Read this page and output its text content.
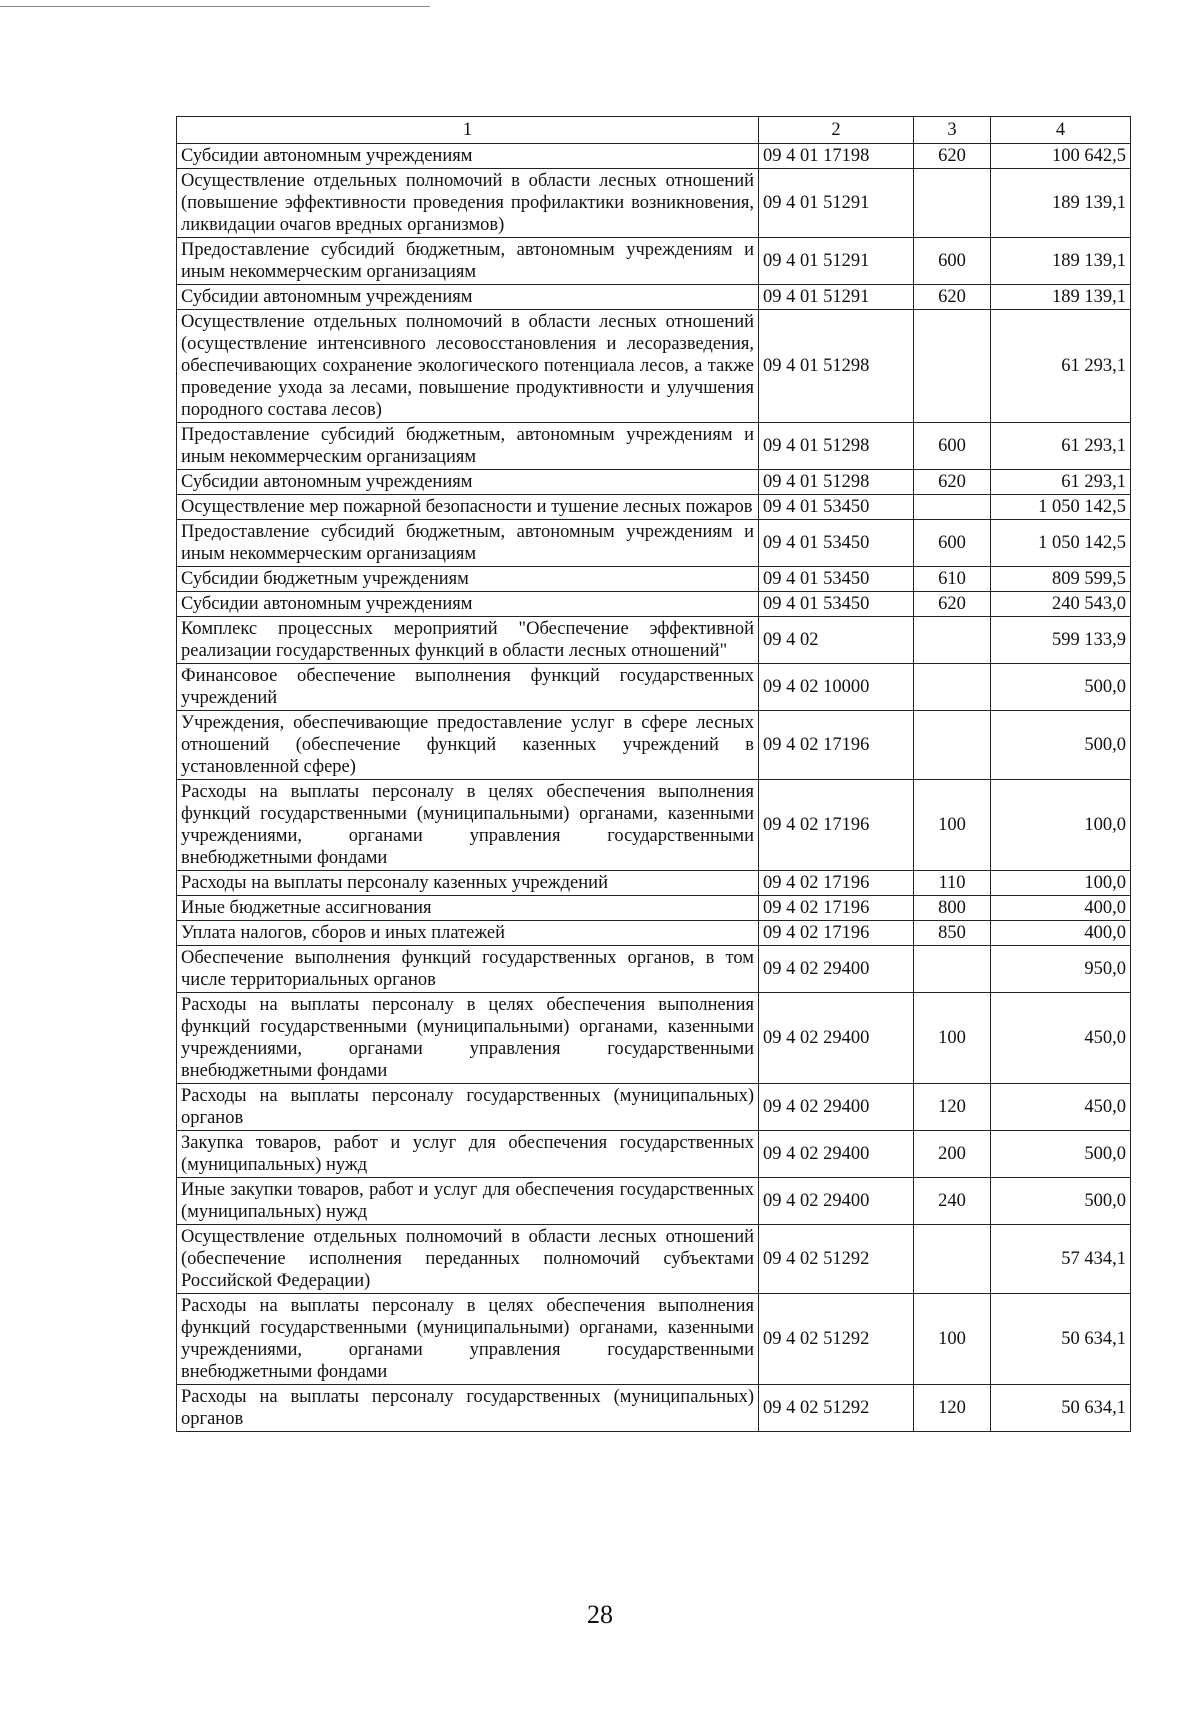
1	2	3	4
Субсидии автономным учреждениям	09 4 01 17198	620	100 642,5
Осуществление отдельных полномочий в области лесных отношений (повышение эффективности проведения профилактики возникновения, ликвидации очагов вредных организмов)	09 4 01 51291		189 139,1
Предоставление субсидий бюджетным, автономным учреждениям и иным некоммерческим организациям	09 4 01 51291	600	189 139,1
Субсидии автономным учреждениям	09 4 01 51291	620	189 139,1
Осуществление отдельных полномочий в области лесных отношений (осуществление интенсивного лесовосстановления и лесоразведения, обеспечивающих сохранение экологического потенциала лесов, а также проведение ухода за лесами, повышение продуктивности и улучшения породного состава лесов)	09 4 01 51298		61 293,1
Предоставление субсидий бюджетным, автономным учреждениям и иным некоммерческим организациям	09 4 01 51298	600	61 293,1
Субсидии автономным учреждениям	09 4 01 51298	620	61 293,1
Осуществление мер пожарной безопасности и тушение лесных пожаров	09 4 01 53450		1 050 142,5
Предоставление субсидий бюджетным, автономным учреждениям и иным некоммерческим организациям	09 4 01 53450	600	1 050 142,5
Субсидии бюджетным учреждениям	09 4 01 53450	610	809 599,5
Субсидии автономным учреждениям	09 4 01 53450	620	240 543,0
Комплекс процессных мероприятий "Обеспечение эффективной реализации государственных функций в области лесных отношений"	09 4 02		599 133,9
Финансовое обеспечение выполнения функций государственных учреждений	09 4 02 10000		500,0
Учреждения, обеспечивающие предоставление услуг в сфере лесных отношений (обеспечение функций казенных учреждений в установленной сфере)	09 4 02 17196		500,0
Расходы на выплаты персоналу в целях обеспечения выполнения функций государственными (муниципальными) органами, казенными учреждениями, органами управления государственными внебюджетными фондами	09 4 02 17196	100	100,0
Расходы на выплаты персоналу казенных учреждений	09 4 02 17196	110	100,0
Иные бюджетные ассигнования	09 4 02 17196	800	400,0
Уплата налогов, сборов и иных платежей	09 4 02 17196	850	400,0
Обеспечение выполнения функций государственных органов, в том числе территориальных органов	09 4 02 29400		950,0
Расходы на выплаты персоналу в целях обеспечения выполнения функций государственными (муниципальными) органами, казенными учреждениями, органами управления государственными внебюджетными фондами	09 4 02 29400	100	450,0
Расходы на выплаты персоналу государственных (муниципальных) органов	09 4 02 29400	120	450,0
Закупка товаров, работ и услуг для обеспечения государственных (муниципальных) нужд	09 4 02 29400	200	500,0
Иные закупки товаров, работ и услуг для обеспечения государственных (муниципальных) нужд	09 4 02 29400	240	500,0
Осуществление отдельных полномочий в области лесных отношений (обеспечение исполнения переданных полномочий субъектами Российской Федерации)	09 4 02 51292		57 434,1
Расходы на выплаты персоналу в целях обеспечения выполнения функций государственными (муниципальными) органами, казенными учреждениями, органами управления государственными внебюджетными фондами	09 4 02 51292	100	50 634,1
Расходы на выплаты персоналу государственных (муниципальных) органов	09 4 02 51292	120	50 634,1
28
